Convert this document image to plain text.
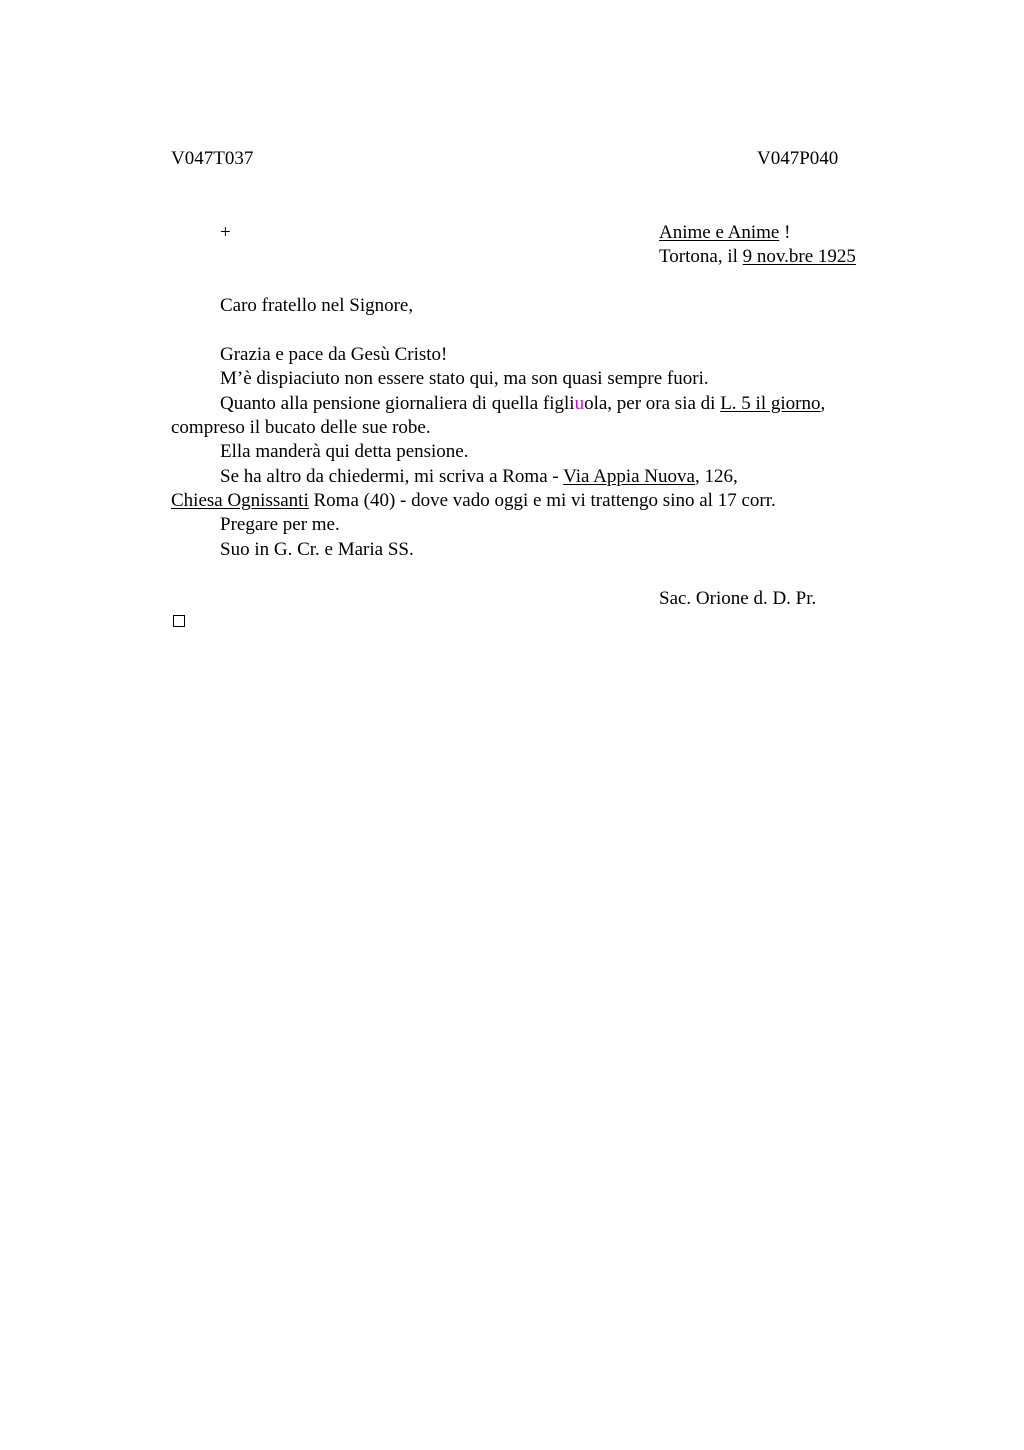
V047T037	V047P040
+	Anime e Anime !
Tortona, il 9 nov.bre 1925
Caro fratello nel Signore,
Grazia e pace da Gesù Cristo!
M’è dispiaciuto non essere stato qui, ma son quasi sempre fuori.
Quanto alla pensione giornaliera di quella figliuola, per ora sia di L. 5 il giorno,
compreso il bucato delle sue robe.
Ella manderà qui detta pensione.
Se ha altro da chiedermi, mi scriva a Roma - Via Appia Nuova, 126,
Chiesa Ognissanti Roma (40) - dove vado oggi e mi vi trattengo sino al 17 corr.
Pregare per me.
Suo in G. Cr. e Maria SS.
Sac. Orione d. D. Pr.
